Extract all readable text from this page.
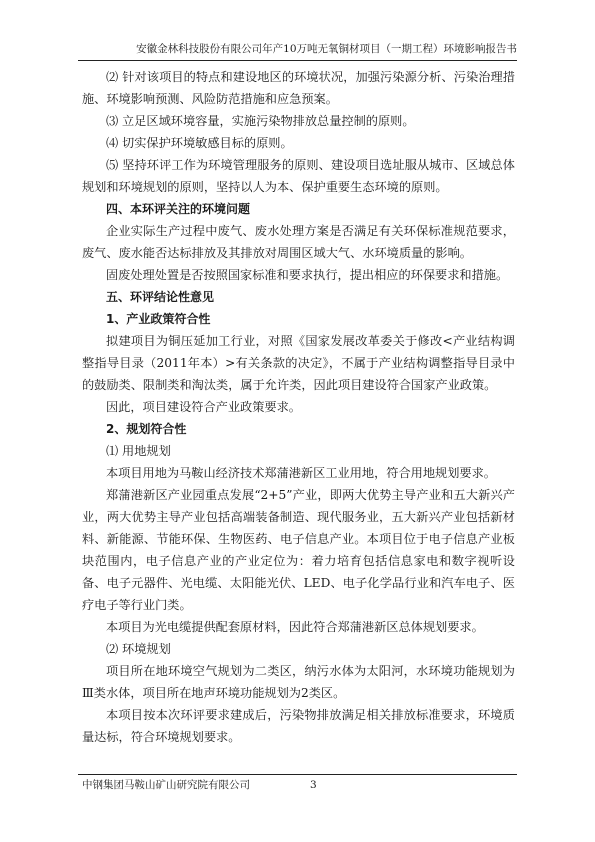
安徽金林科技股份有限公司年产10万吨无氧铜材项目（一期工程）环境影响报告书

⑵ 针对该项目的特点和建设地区的环境状况，加强污染源分析、污染治理措施、环境影响预测、风险防范措施和应急预案。

⑶ 立足区域环境容量，实施污染物排放总量控制的原则。

⑷ 切实保护环境敏感目标的原则。

⑸ 坚持环评工作为环境管理服务的原则、建设项目选址服从城市、区域总体规划和环境规划的原则，坚持以人为本、保护重要生态环境的原则。

四、本环评关注的环境问题

企业实际生产过程中废气、废水处理方案是否满足有关环保标准规范要求，废气、废水能否达标排放及其排放对周围区域大气、水环境质量的影响。

固废处理处置是否按照国家标准和要求执行，提出相应的环保要求和措施。

五、环评结论性意见

1、产业政策符合性

拟建项目为铜压延加工行业，对照《国家发展改革委关于修改<产业结构调整指导目录（2011年本）>有关条款的决定》，不属于产业结构调整指导目录中的鼓励类、限制类和淘汰类，属于允许类，因此项目建设符合国家产业政策。

因此，项目建设符合产业政策要求。

2、规划符合性

⑴ 用地规划

本项目用地为马鞍山经济技术郑蒲港新区工业用地，符合用地规划要求。

郑蒲港新区产业园重点发展“2+5”产业，即两大优势主导产业和五大新兴产业，两大优势主导产业包括高端装备制造、现代服务业，五大新兴产业包括新材料、新能源、节能环保、生物医药、电子信息产业。本项目位于电子信息产业板块范围内，电子信息产业的产业定位为：着力培育包括信息家电和数字视听设备、电子元器件、光电缆、太阳能光伏、LED、电子化学品行业和汽车电子、医疗电子等行业门类。

本项目为光电缆提供配套原材料，因此符合郑蒲港新区总体规划要求。

⑵ 环境规划

项目所在地环境空气规划为二类区，纳污水体为太阳河，水环境功能规划为Ⅲ类水体，项目所在地声环境功能规划为2类区。

本项目按本次环评要求建成后，污染物排放满足相关排放标准要求，环境质量达标，符合环境规划要求。

中钢集团马鞍山矿山研究院有限公司	3
